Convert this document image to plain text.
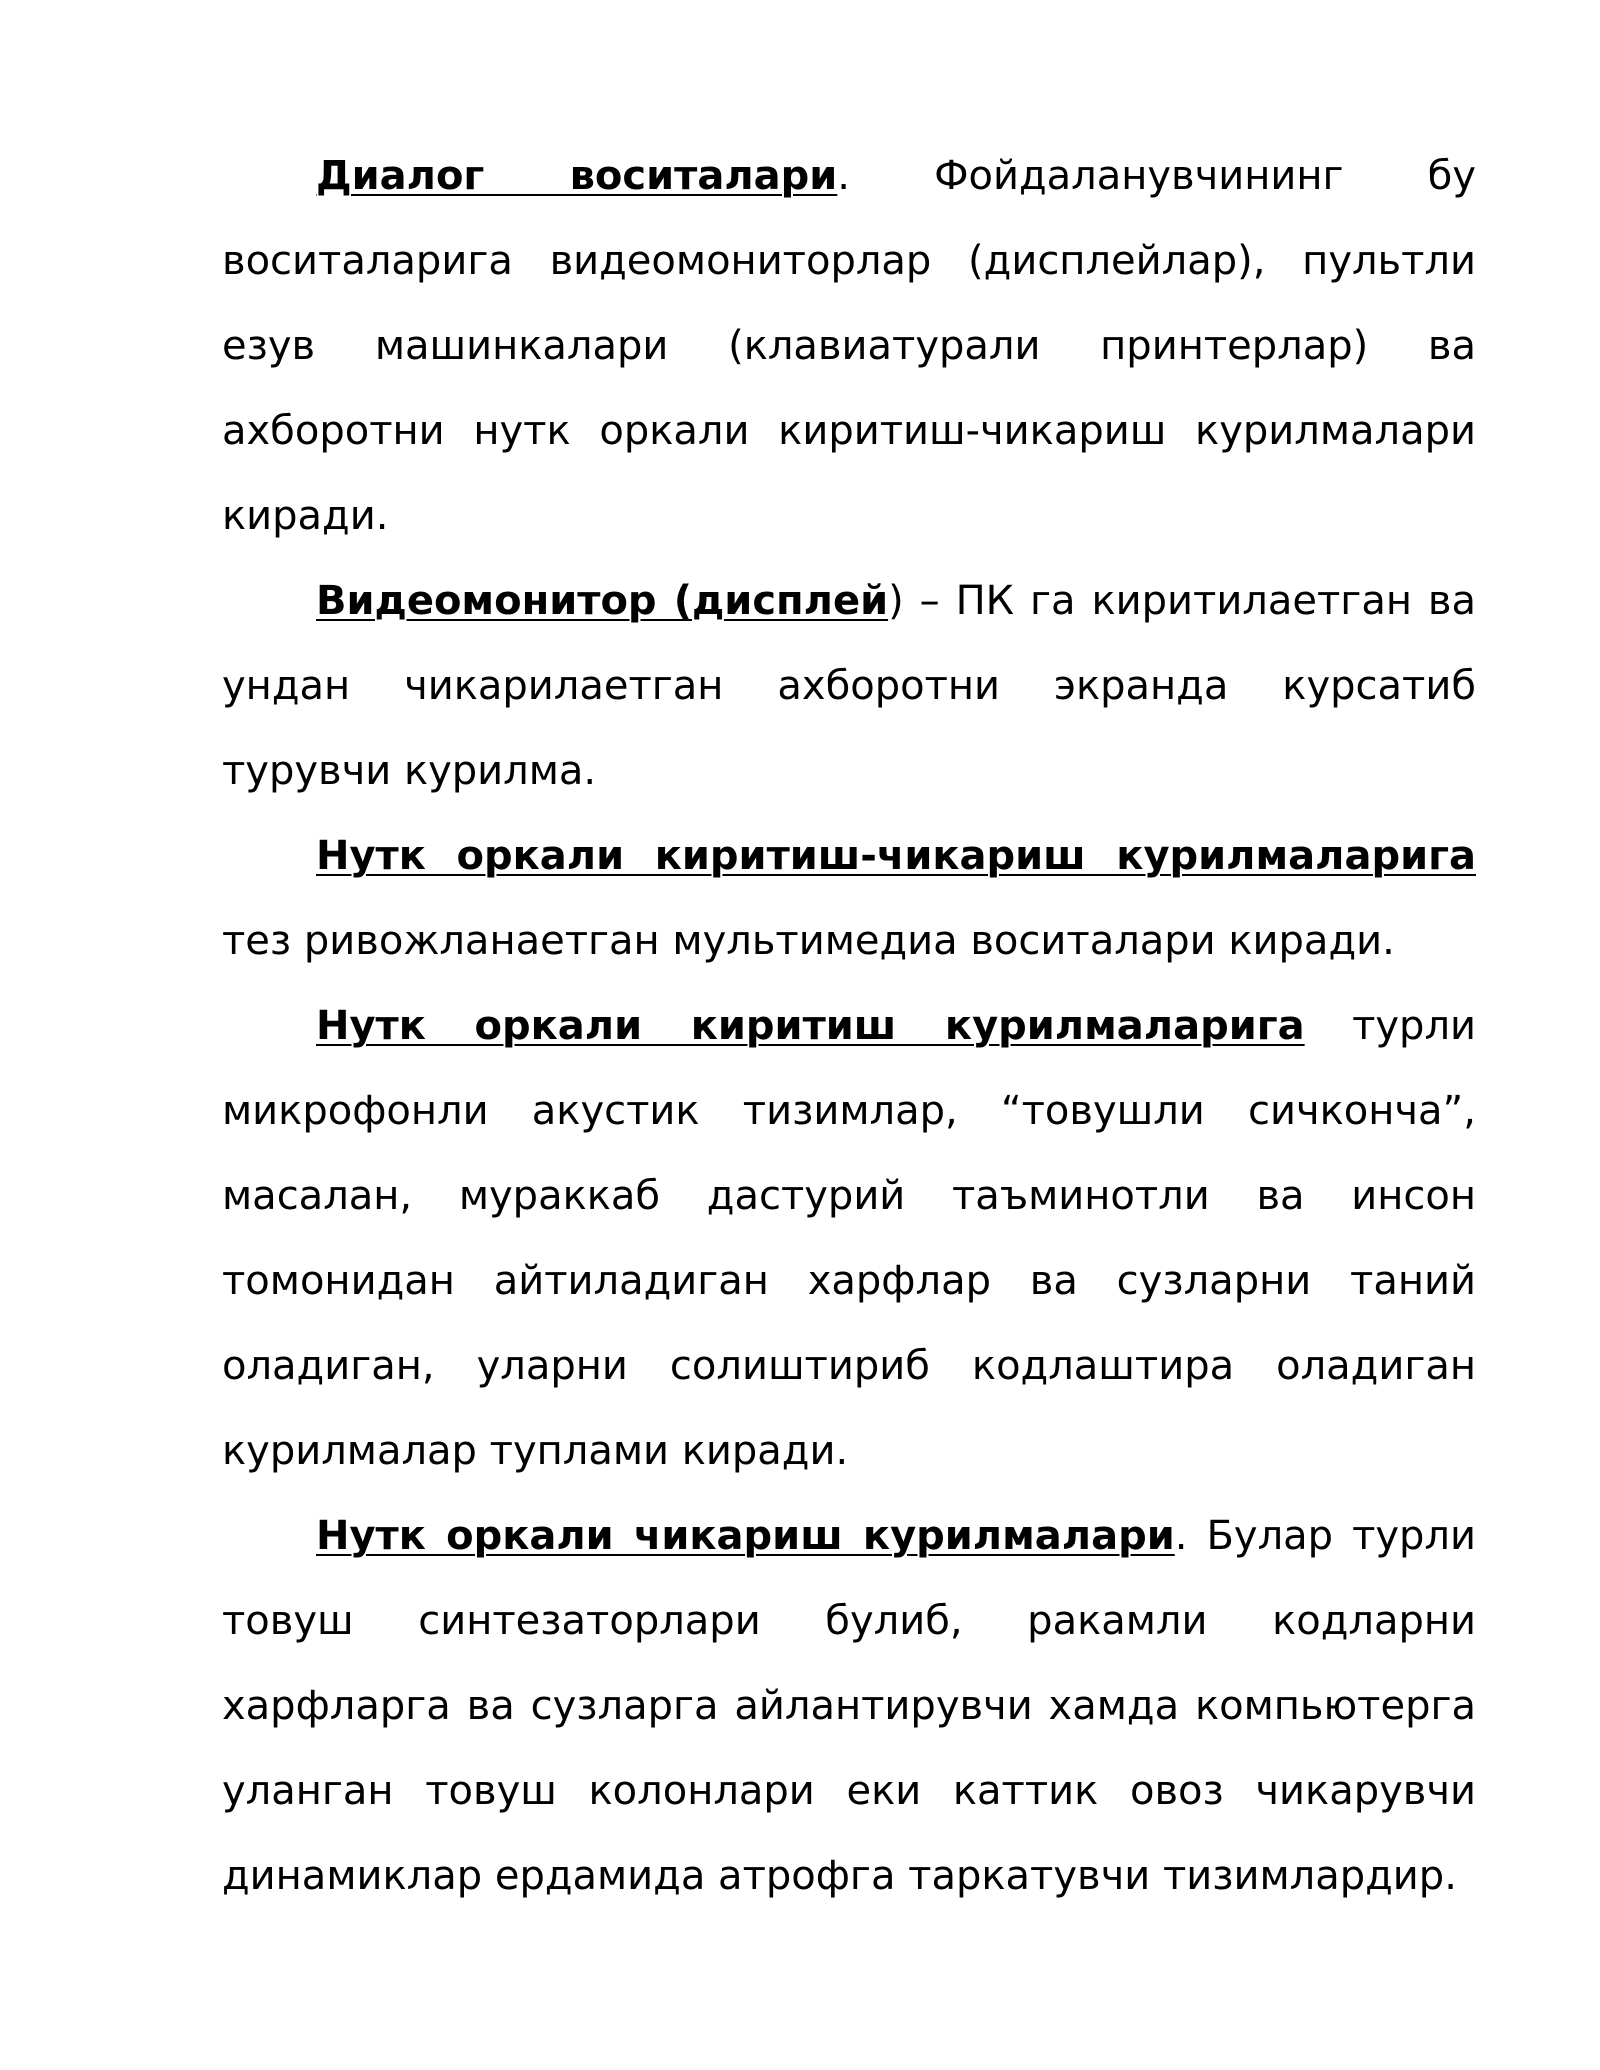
Диалог воситалари. Фойдаланувчининг бу воситаларига видеомониторлар (дисплейлар), пультли езув машинкалари (клавиатурали принтерлар) ва ахборотни нутк оркали киритиш-чикариш курилмалари киради.

Видеомонитор (дисплей) – ПК га киритилаетган ва ундан чикарилаетган ахборотни экранда курсатиб турувчи курилма.

Нутк оркали киритиш-чикариш курилмаларига тез ривожланаетган мультимедиа воситалари киради.

Нутк оркали киритиш курилмаларига турли микрофонли акустик тизимлар, “товушли сичконча”, масалан, мураккаб дастурий таъминотли ва инсон томонидан айтиладиган харфлар ва сузларни таний оладиган, уларни солиштириб кодлаштира оладиган курилмалар туплами киради.

Нутк оркали чикариш курилмалари. Булар турли товуш синтезаторлари булиб, ракамли кодларни харфларга ва сузларга айлантирувчи хамда компьютерга уланган товуш колонлари еки каттик овоз чикарувчи динамиклар ердамида атрофга таркатувчи тизимлардир.
